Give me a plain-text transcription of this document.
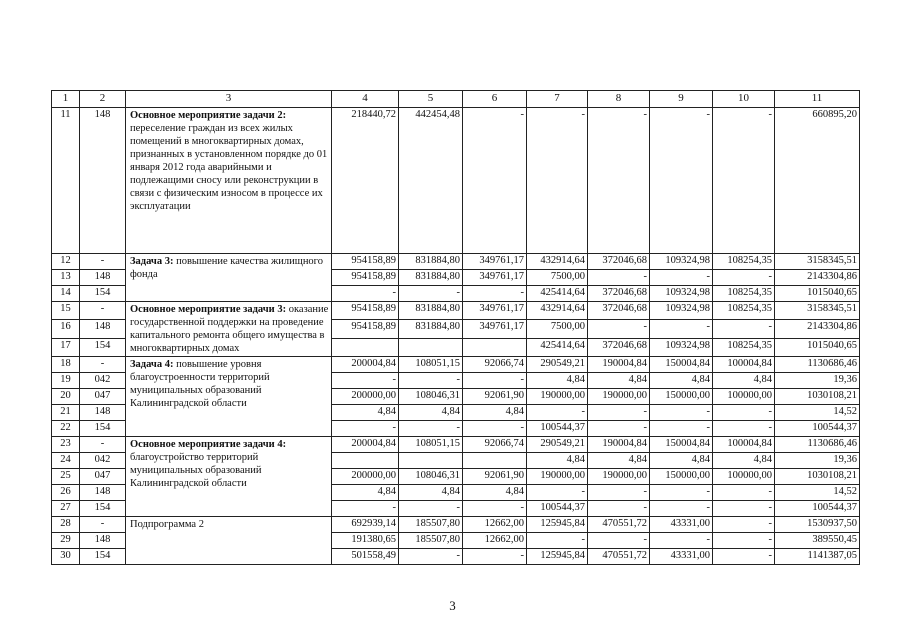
1	2	3	4	5	6	7	8	9	10	11
11	148	Основное мероприятие задачи 2: переселение граждан из всех жилых помещений в многоквартирных домах, признанных в установленном порядке до 01 января 2012 года аварийными и подлежащими сносу или реконструкции в связи с физическим износом в процессе их эксплуатации	218440,72	442454,48	-	-	-	-	-	660895,20
12	-	Задача 3: повышение качества жилищного фонда	954158,89	831884,80	349761,17	432914,64	372046,68	109324,98	108254,35	3158345,51
13	148		954158,89	831884,80	349761,17	7500,00	-	-	-	2143304,86
14	154		-	-	-	425414,64	372046,68	109324,98	108254,35	1015040,65
15	-	Основное мероприятие задачи 3: оказание государственной поддержки на проведение капитального ремонта общего имущества в многоквартирных домах	954158,89	831884,80	349761,17	432914,64	372046,68	109324,98	108254,35	3158345,51
16	148		954158,89	831884,80	349761,17	7500,00	-	-	-	2143304,86
17	154					425414,64	372046,68	109324,98	108254,35	1015040,65
18	-	Задача 4: повышение уровня благоустроенности территорий муниципальных образований Калининградской области	200004,84	108051,15	92066,74	290549,21	190004,84	150004,84	100004,84	1130686,46
19	042		-	-	-	4,84	4,84	4,84	4,84	19,36
20	047		200000,00	108046,31	92061,90	190000,00	190000,00	150000,00	100000,00	1030108,21
21	148		4,84	4,84	4,84	-	-	-	-	14,52
22	154		-	-	-	100544,37	-	-	-	100544,37
23	-	Основное мероприятие задачи 4: благоустройство территорий муниципальных образований Калининградской области	200004,84	108051,15	92066,74	290549,21	190004,84	150004,84	100004,84	1130686,46
24	042					4,84	4,84	4,84	4,84	19,36
25	047		200000,00	108046,31	92061,90	190000,00	190000,00	150000,00	100000,00	1030108,21
26	148		4,84	4,84	4,84	-	-	-	-	14,52
27	154		-	-	-	100544,37	-	-	-	100544,37
28	-	Подпрограмма 2	692939,14	185507,80	12662,00	125945,84	470551,72	43331,00	-	1530937,50
29	148		191380,65	185507,80	12662,00	-	-	-	-	389550,45
30	154		501558,49	-	-	125945,84	470551,72	43331,00	-	1141387,05
3
